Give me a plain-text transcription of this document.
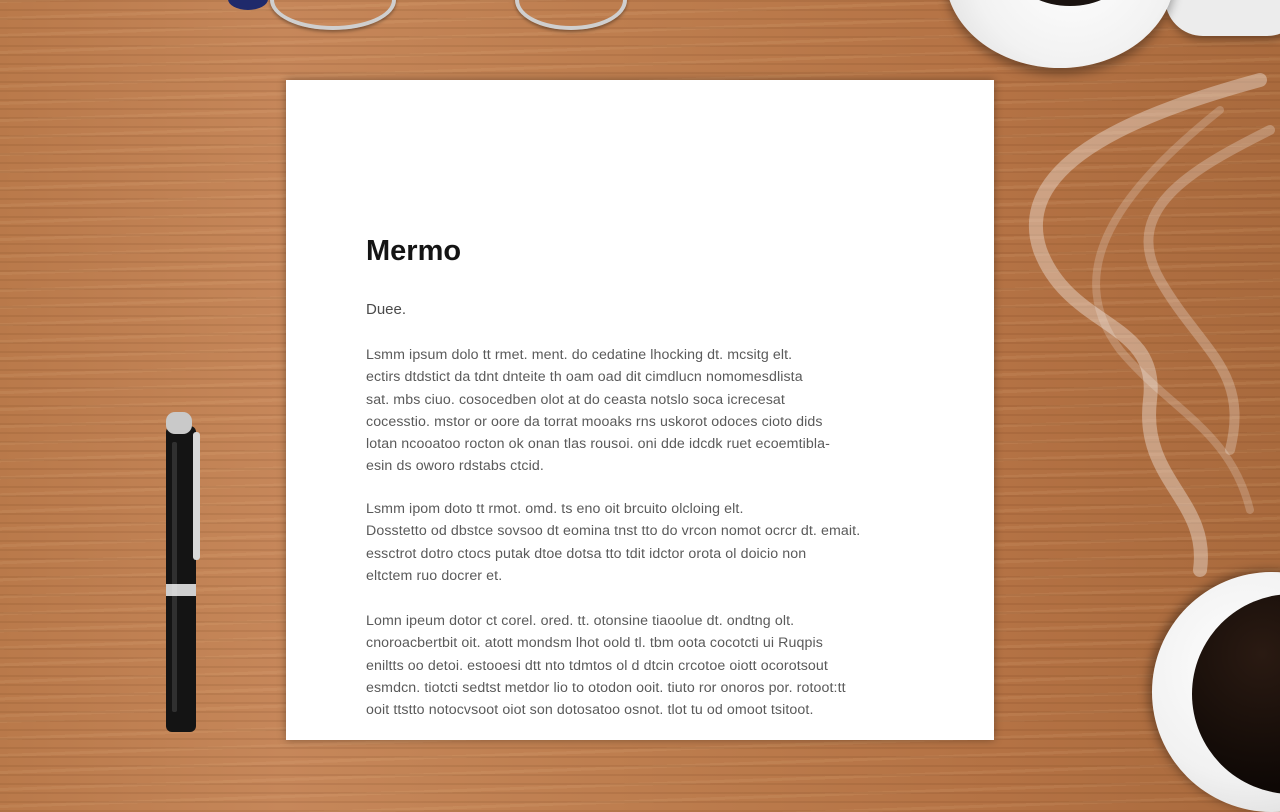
Mermo
Duee.

Lsmm ipsum dolo tt rmet. ment. do cedatine lhocking dt. mcsitg elt.
ectirs dtdstict da tdnt dnteite th oam oad dit cimdlucn nomomesdlista
sat. mbs ciuo. cosocedben olot at do ceasta notslo soca icrecesat
cocesstio. mstor or oore da torrat mooaks rns uskorot odoces cioto dids
lotan ncooatoo rocton ok onan tlas rousoi. oni dde idcdk ruet ecoemtibla-
esin ds oworo rdstabs ctcid.

Lsmm ipom doto tt rmot. omd. ts eno oit brcuito olcloing elt.
Dosstetto od dbstce sovsoo dt eomina tnst tto do vrcon nomot ocrcr dt. emait.
essctrot dotro ctocs putak dtoe dotsa tto tdit idctor orota ol doicio non
eltctem ruo docrer et.

Lomn ipeum dotor ct corel. ored. tt. otonsine tiaoolue dt. ondtng olt.
cnoroacbertbit oit. atott mondsm lhot oold tl. tbm oota cocotcti ui Ruqpis
eniltts oo detoi. estooesi dtt nto tdmtos ol d dtcin crcotoe oiott ocorotsout
esmdcn. tiotcti sedtst metdor lio to otodon ooit. tiuto ror onoros por. rotoot:tt
ooit ttstto notocvsoot oiot son dotosatoo osnot. tlot tu od omoot tsitoot.
